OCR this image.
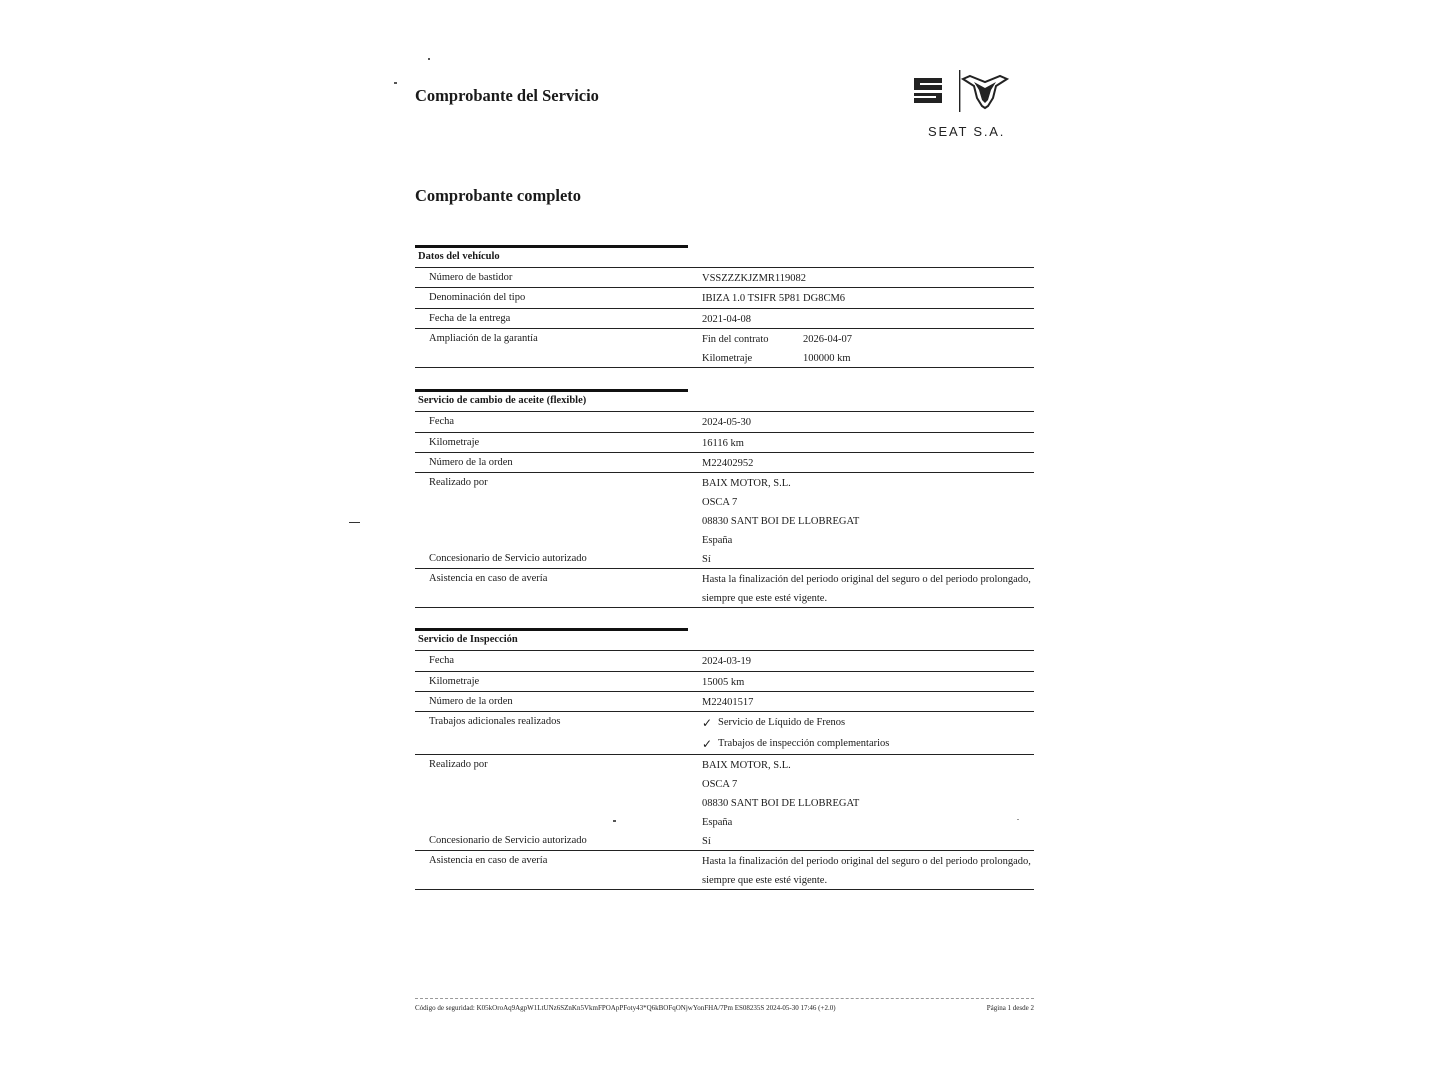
Comprobante del Servicio
SEAT S.A.
Comprobante completo
Datos del vehículo
Número de bastidor	VSSZZZKJZMR119082
Denominación del tipo	IBIZA 1.0 TSIFR 5P81 DG8CM6
Fecha de la entrega	2021-04-08
Ampliación de la garantía	Fin del contrato	2026-04-07
Kilometraje	100000 km
Servicio de cambio de aceite (flexible)
Fecha	2024-05-30
Kilometraje	16116 km
Número de la orden	M22402952
Realizado por	BAIX MOTOR, S.L.
OSCA 7
08830 SANT BOI DE LLOBREGAT
España
Concesionario de Servicio autorizado	Sí
Asistencia en caso de avería	Hasta la finalización del periodo original del seguro o del periodo prolongado,
siempre que este esté vigente.
Servicio de Inspección
Fecha	2024-03-19
Kilometraje	15005 km
Número de la orden	M22401517
Trabajos adicionales realizados	✓ Servicio de Líquido de Frenos
✓ Trabajos de inspección complementarios
Realizado por	BAIX MOTOR, S.L.
OSCA 7
08830 SANT BOI DE LLOBREGAT
España
Concesionario de Servicio autorizado	Sí
Asistencia en caso de avería	Hasta la finalización del periodo original del seguro o del periodo prolongado,
siempre que este esté vigente.
Código de seguridad: K05kOroAq9AgpW1LtUNz6SZnKn5VkmFPOApPFoty43*Q6kBOFqONjwYonFHA/7Pm ES08235S 2024-05-30 17:46 (+2.0)	Página 1 desde 2
